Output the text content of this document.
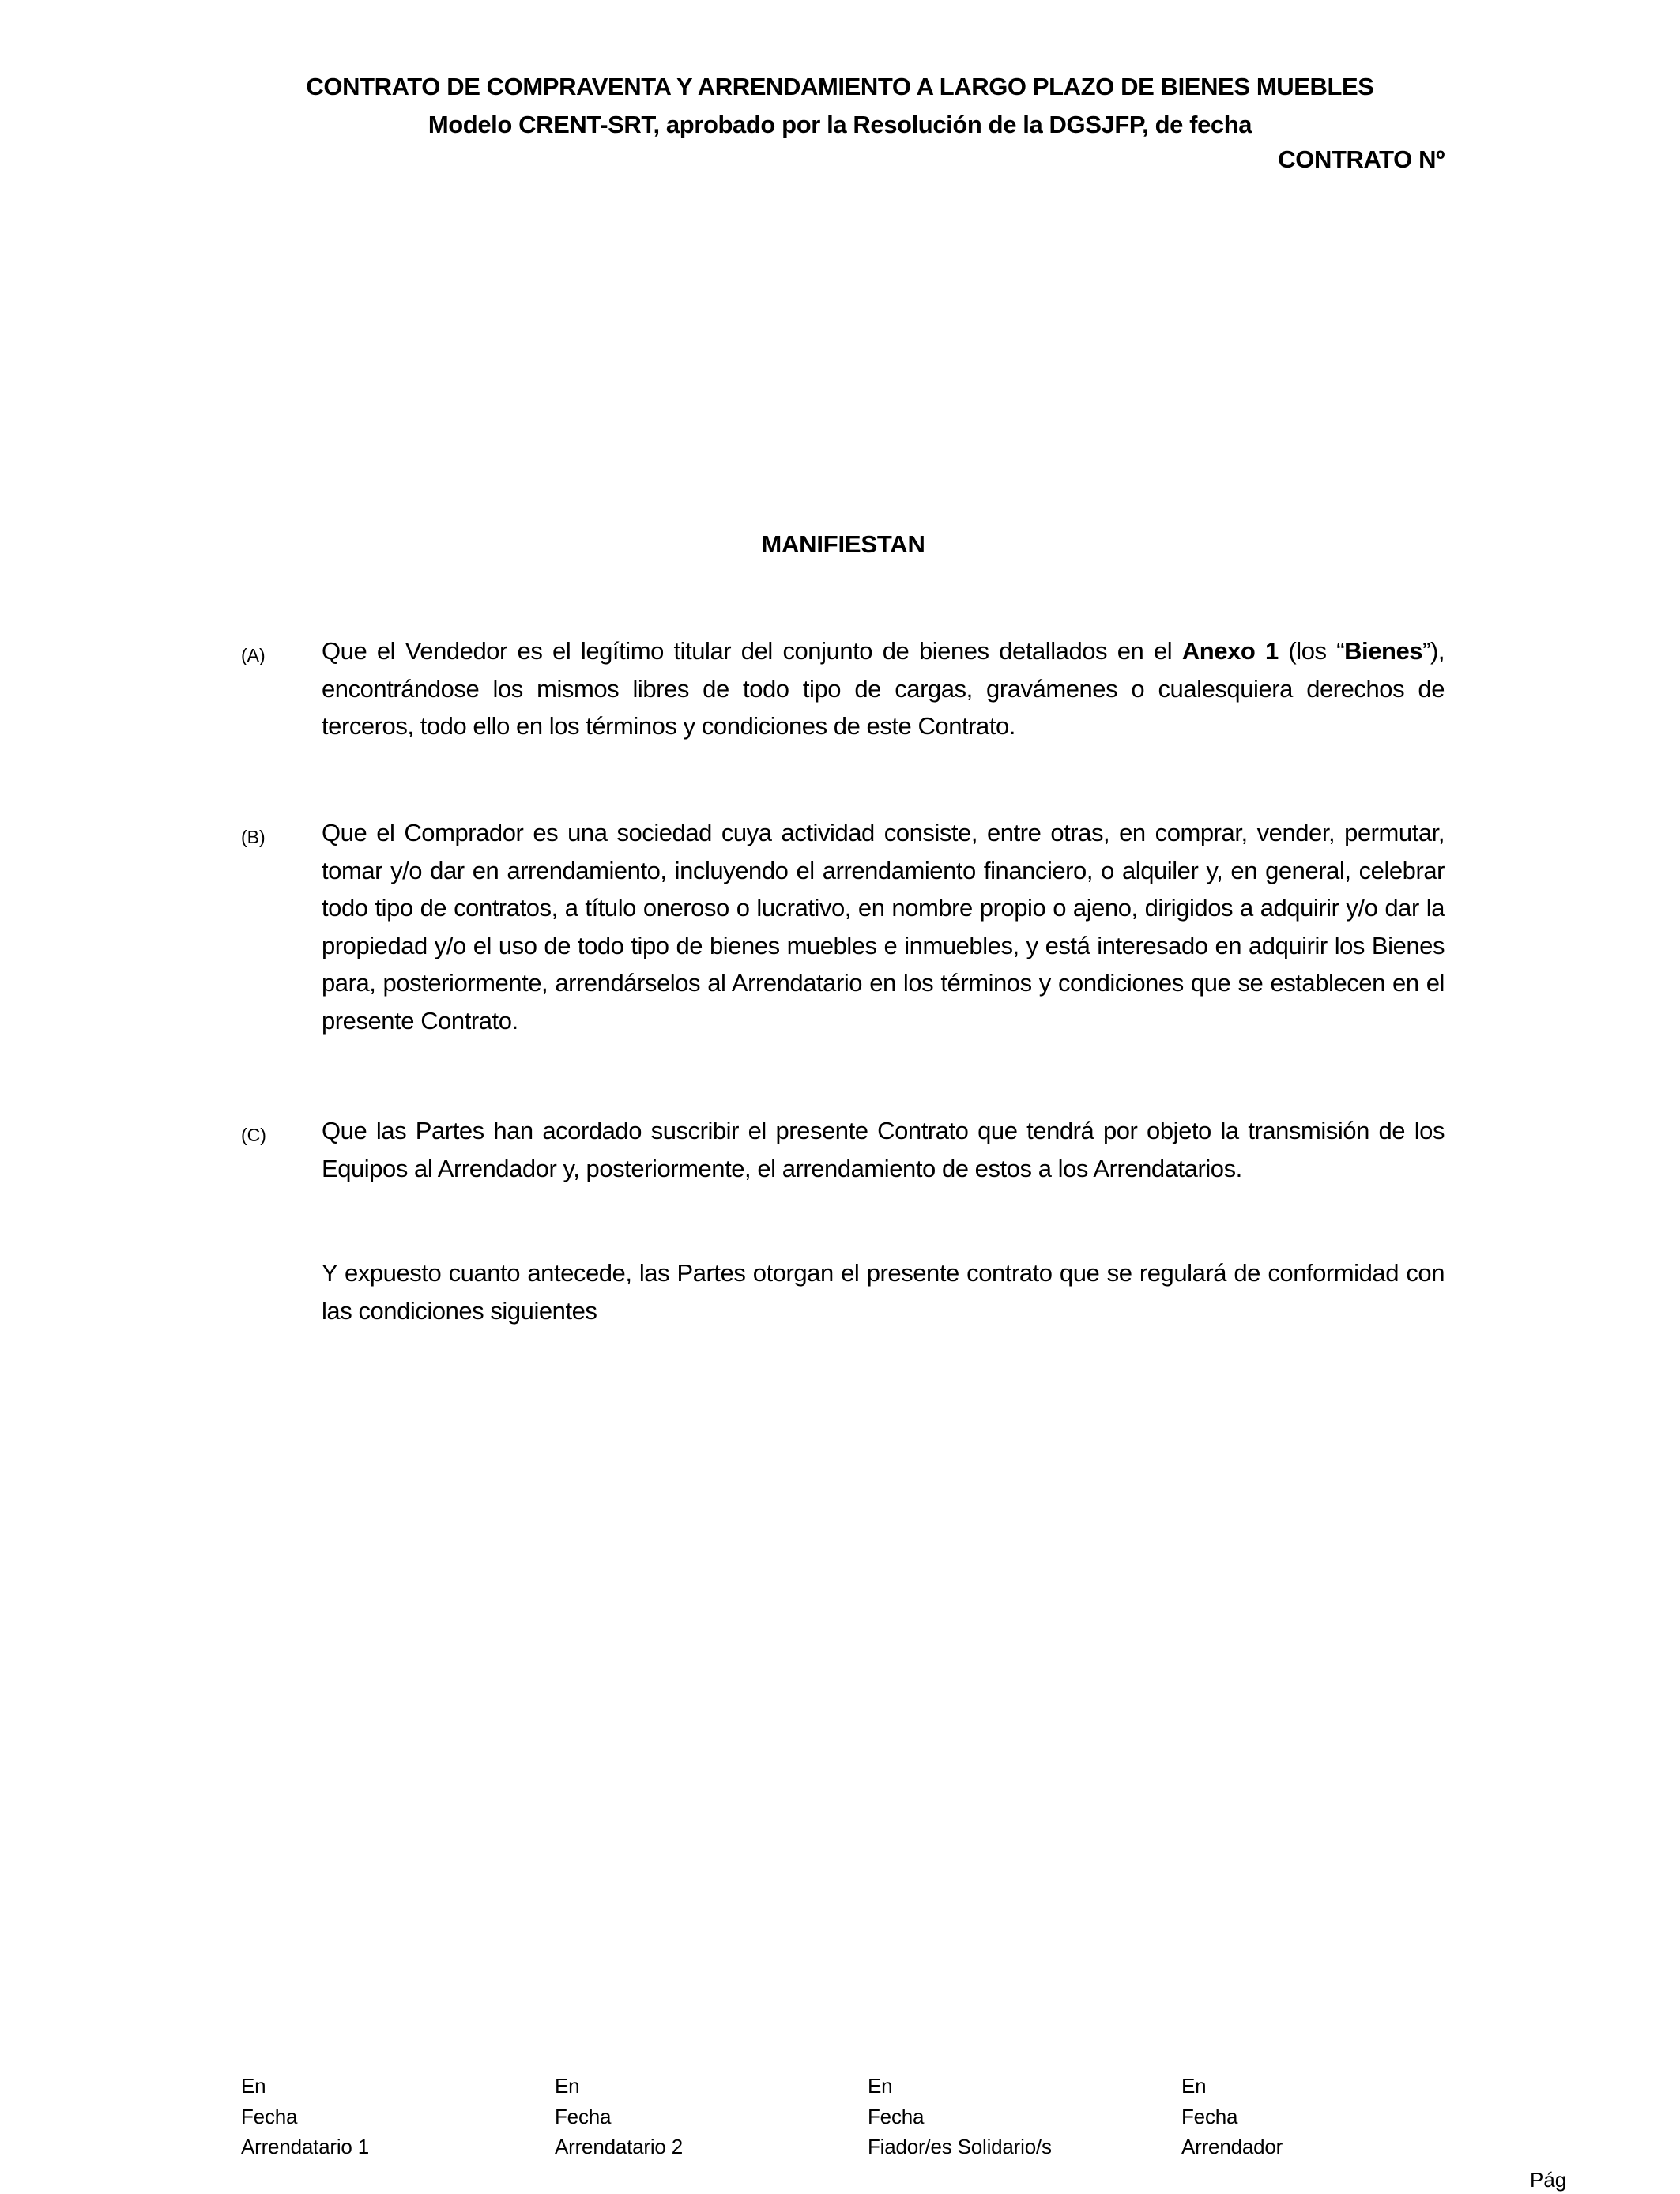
CONTRATO DE COMPRAVENTA Y ARRENDAMIENTO A LARGO PLAZO DE BIENES MUEBLES
Modelo CRENT-SRT, aprobado por la Resolución de la DGSJFP, de fecha
CONTRATO Nº
MANIFIESTAN
(A) Que el Vendedor es el legítimo titular del conjunto de bienes detallados en el Anexo 1 (los “Bienes”), encontrándose los mismos libres de todo tipo de cargas, gravámenes o cualesquiera derechos de terceros, todo ello en los términos y condiciones de este Contrato.
(B) Que el Comprador es una sociedad cuya actividad consiste, entre otras, en comprar, vender, permutar, tomar y/o dar en arrendamiento, incluyendo el arrendamiento financiero, o alquiler y, en general, celebrar todo tipo de contratos, a título oneroso o lucrativo, en nombre propio o ajeno, dirigidos a adquirir y/o dar la propiedad y/o el uso de todo tipo de bienes muebles e inmuebles, y está interesado en adquirir los Bienes para, posteriormente, arrendárselos al Arrendatario en los términos y condiciones que se establecen en el presente Contrato.
(C) Que las Partes han acordado suscribir el presente Contrato que tendrá por objeto la transmisión de los Equipos al Arrendador y, posteriormente, el arrendamiento de estos a los Arrendatarios.
Y expuesto cuanto antecede, las Partes otorgan el presente contrato que se regulará de conformidad con las condiciones siguientes
En
Fecha
Arrendatario 1
En
Fecha
Arrendatario 2
En
Fecha
Fiador/es Solidario/s
En
Fecha
Arrendador
Pág
